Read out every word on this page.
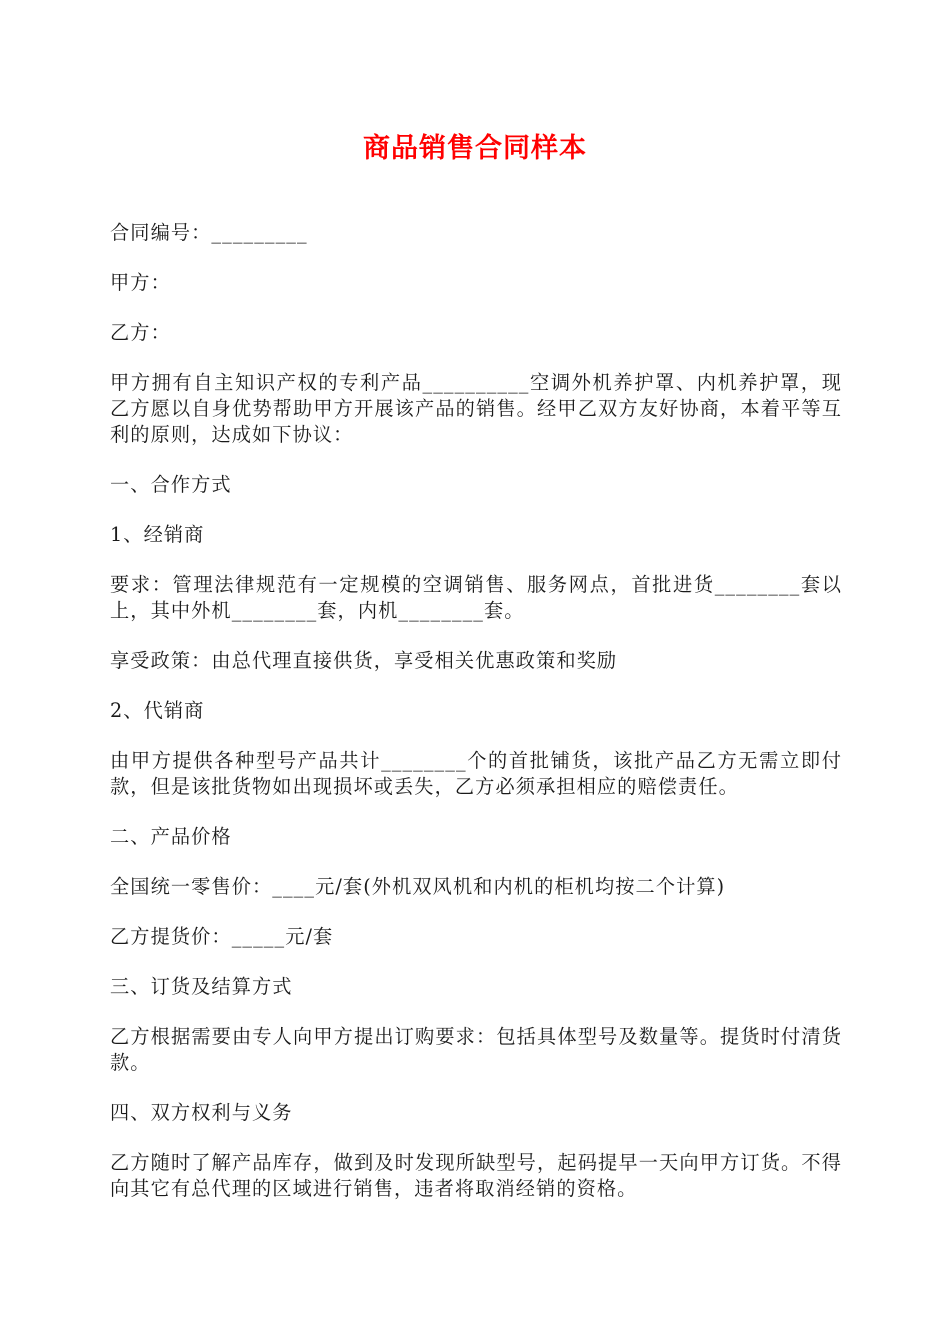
商品销售合同样本

合同编号：_________

甲方：

乙方：

甲方拥有自主知识产权的专利产品__________空调外机养护罩、内机养护罩，现乙方愿以自身优势帮助甲方开展该产品的销售。经甲乙双方友好协商，本着平等互利的原则，达成如下协议：

一、合作方式

1、经销商

要求：管理法律规范有一定规模的空调销售、服务网点，首批进货________套以上，其中外机________套，内机________套。

享受政策：由总代理直接供货，享受相关优惠政策和奖励

2、代销商

由甲方提供各种型号产品共计________个的首批铺货，该批产品乙方无需立即付款，但是该批货物如出现损坏或丢失，乙方必须承担相应的赔偿责任。

二、产品价格

全国统一零售价：____元/套(外机双风机和内机的柜机均按二个计算)

乙方提货价：_____元/套

三、订货及结算方式

乙方根据需要由专人向甲方提出订购要求：包括具体型号及数量等。提货时付清货款。

四、双方权利与义务

乙方随时了解产品库存，做到及时发现所缺型号，起码提早一天向甲方订货。不得向其它有总代理的区域进行销售，违者将取消经销的资格。
